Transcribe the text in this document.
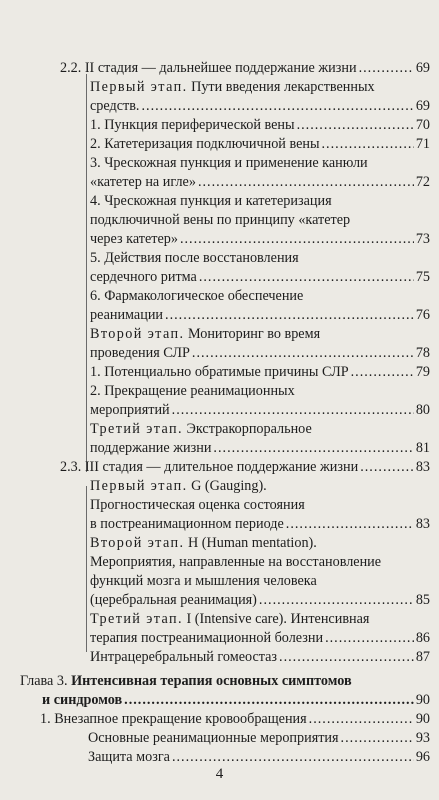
2.2. II стадия — дальнейшее поддержание жизни .....	69
Первый этап. Пути введения лекарственных
средств. .....	69
1. Пункция периферической вены .....	70
2. Катетеризация подключичной вены .....	71
3. Чрескожная пункция и применение канюли
«катетер на игле» .....	72
4. Чрескожная пункция и катетеризация
подключичной вены по принципу «катетер
через катетер» .....	73
5. Действия после восстановления
сердечного ритма .....	75
6. Фармакологическое обеспечение
реанимации .....	76
Второй этап. Мониторинг во время
проведения СЛР .....	78
1. Потенциально обратимые причины СЛР .....	79
2. Прекращение реанимационных
мероприятий .....	80
Третий этап. Экстракорпоральное
поддержание жизни .....	81
2.3. III стадия — длительное поддержание жизни .....	83
Первый этап. G (Gauging).
Прогностическая оценка состояния
в постреанимационном периоде .....	83
Второй этап. H (Human mentation).
Мероприятия, направленные на восстановление
функций мозга и мышления человека
(церебральная реанимация) .....	85
Третий этап. I (Intensive care). Интенсивная
терапия постреанимационной болезни .....	86
Интрацеребральный гомеостаз .....	87
Глава 3. Интенсивная терапия основных симптомов
и синдромов .....	90
1. Внезапное прекращение кровообращения .....	90
Основные реанимационные мероприятия .....	93
Защита мозга .....	96
4
